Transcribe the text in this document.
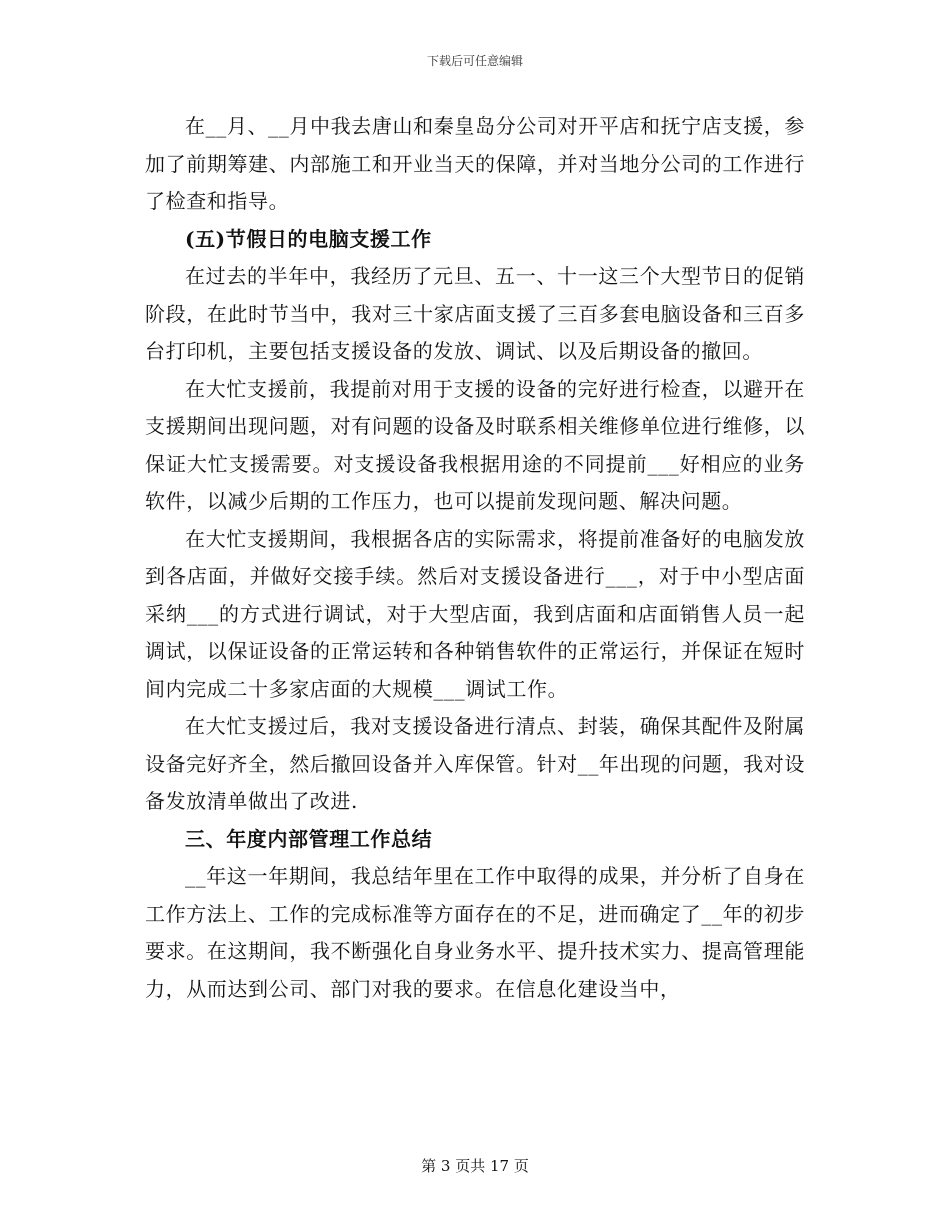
下载后可任意编辑

在__月、__月中我去唐山和秦皇岛分公司对开平店和抚宁店支援，参加了前期筹建、内部施工和开业当天的保障，并对当地分公司的工作进行了检查和指导。

(五)节假日的电脑支援工作

在过去的半年中，我经历了元旦、五一、十一这三个大型节日的促销阶段，在此时节当中，我对三十家店面支援了三百多套电脑设备和三百多台打印机，主要包括支援设备的发放、调试、以及后期设备的撤回。

在大忙支援前，我提前对用于支援的设备的完好进行检查，以避开在支援期间出现问题，对有问题的设备及时联系相关维修单位进行维修，以保证大忙支援需要。对支援设备我根据用途的不同提前___好相应的业务软件，以减少后期的工作压力，也可以提前发现问题、解决问题。

在大忙支援期间，我根据各店的实际需求，将提前准备好的电脑发放到各店面，并做好交接手续。然后对支援设备进行___，对于中小型店面采纳___的方式进行调试，对于大型店面，我到店面和店面销售人员一起调试，以保证设备的正常运转和各种销售软件的正常运行，并保证在短时间内完成二十多家店面的大规模___调试工作。

在大忙支援过后，我对支援设备进行清点、封装，确保其配件及附属设备完好齐全，然后撤回设备并入库保管。针对__年出现的问题，我对设备发放清单做出了改进.

三、年度内部管理工作总结

__年这一年期间，我总结年里在工作中取得的成果，并分析了自身在工作方法上、工作的完成标准等方面存在的不足，进而确定了__年的初步要求。在这期间，我不断强化自身业务水平、提升技术实力、提高管理能力，从而达到公司、部门对我的要求。在信息化建设当中，

第 3 页共 17 页
